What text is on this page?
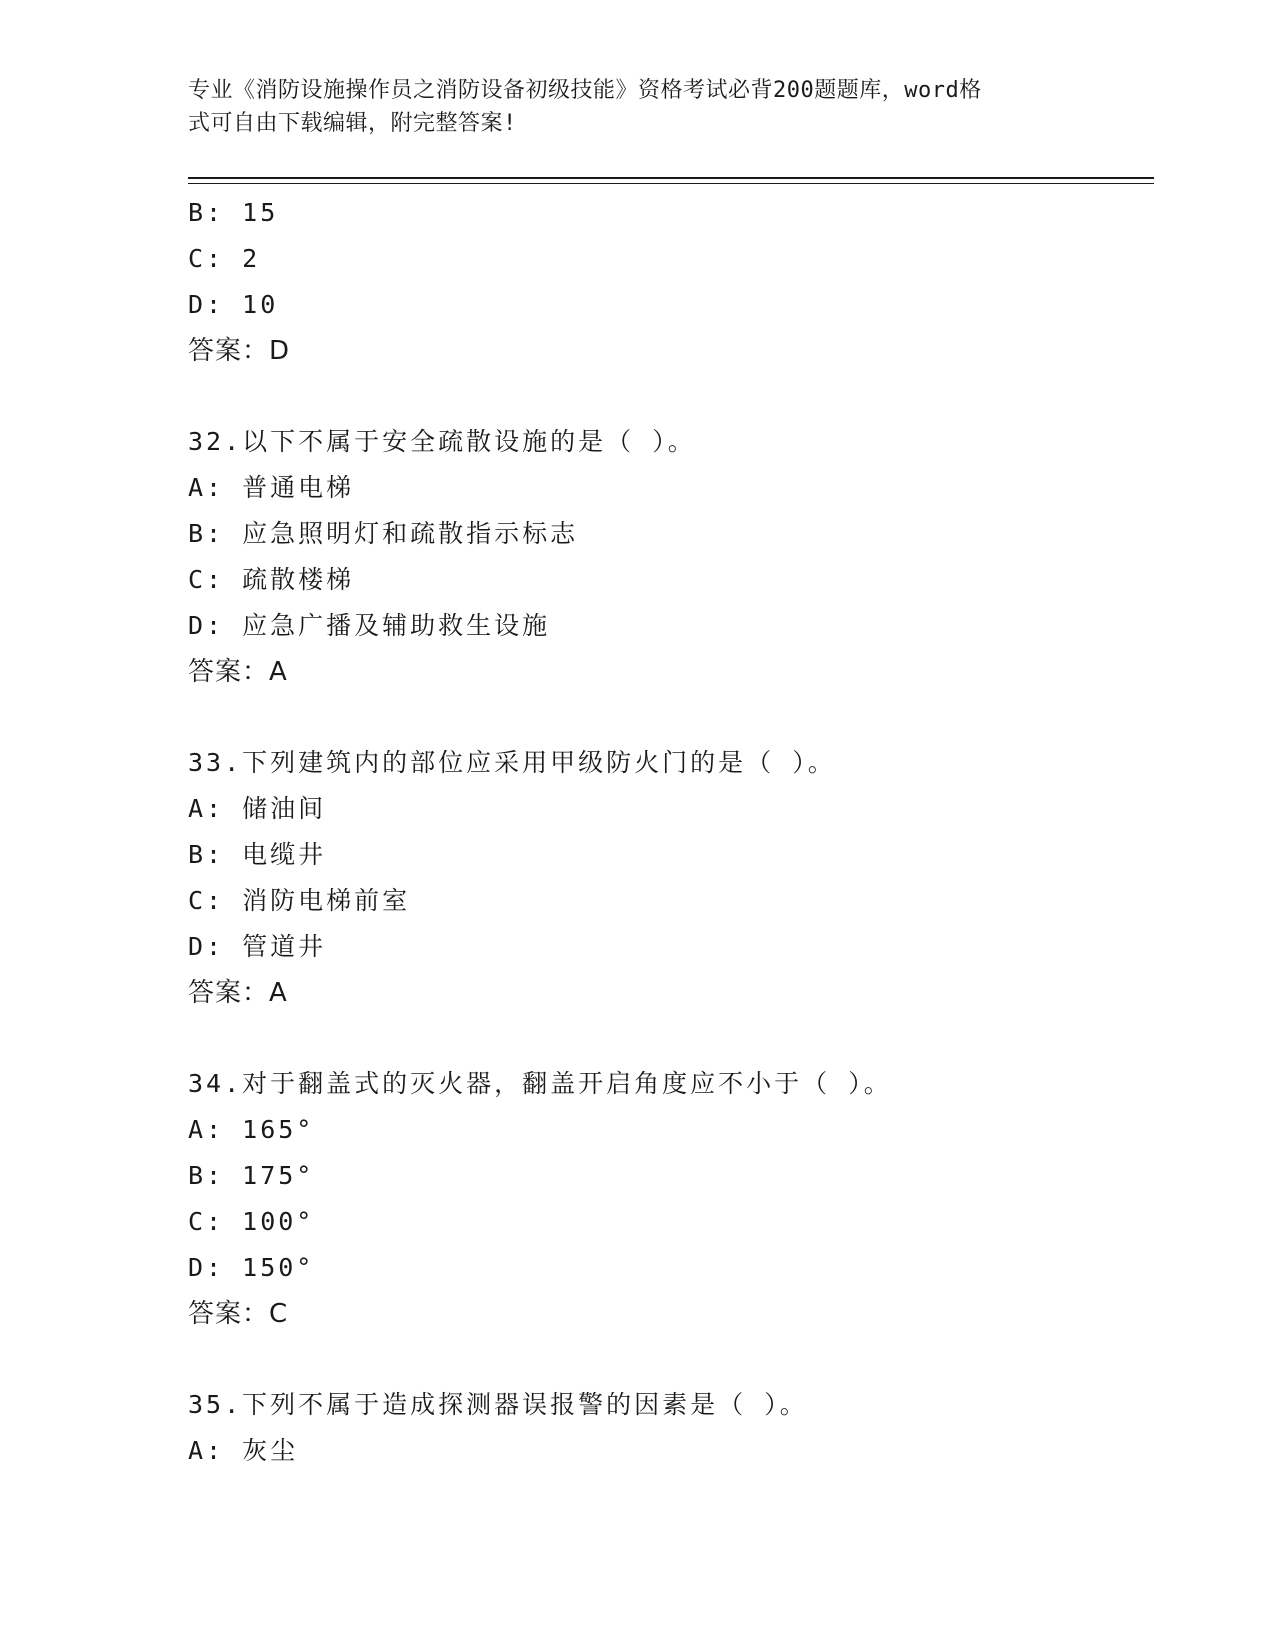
专业《消防设施操作员之消防设备初级技能》资格考试必背200题题库，word格
式可自由下载编辑，附完整答案!
B: 15
C: 2
D: 10
答案：D
32.以下不属于安全疏散设施的是（ ）。
A: 普通电梯
B: 应急照明灯和疏散指示标志
C: 疏散楼梯
D: 应急广播及辅助救生设施
答案：A
33.下列建筑内的部位应采用甲级防火门的是（ ）。
A: 储油间
B: 电缆井
C: 消防电梯前室
D: 管道井
答案：A
34.对于翻盖式的灭火器，翻盖开启角度应不小于（ ）。
A: 165°
B: 175°
C: 100°
D: 150°
答案：C
35.下列不属于造成探测器误报警的因素是（ ）。
A: 灰尘
